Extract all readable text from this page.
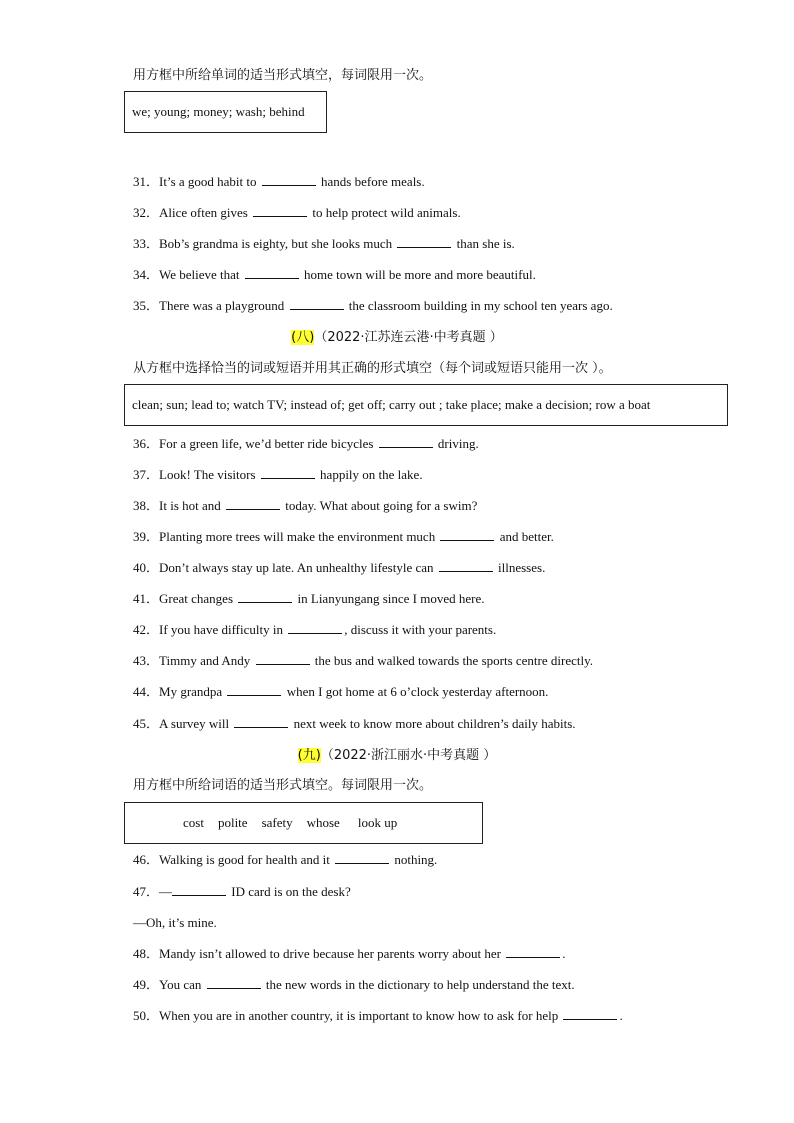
用方框中所给单词的适当形式填空，每词限用一次。
we; young; money; wash; behind
31．It’s a good habit to	hands before meals.
32．Alice often gives	to help protect wild animals.
33．Bob’s grandma is eighty, but she looks much	than she is.
34．We believe that	home town will be more and more beautiful.
35．There was a playground	the classroom building in my school ten years ago.
(八)（2022·江苏连云港·中考真题 ）
从方框中选择恰当的词或短语并用其正确的形式填空（每个词或短语只能用一次 ）。
clean; sun; lead to; watch TV; instead of; get off; carry out ; take place; make a decision; row a boat
36．For a green life, we’d better ride bicycles	driving.
37．Look! The visitors	happily on the lake.
38．It is hot and	today. What about going for a swim?
39．Planting more trees will make the environment much	and better.
40．Don’t always stay up late. An unhealthy lifestyle can	illnesses.
41．Great changes	in Lianyungang since I moved here.
42．If you have difficulty in	, discuss it with your parents.
43．Timmy and Andy	the bus and walked towards the sports centre directly.
44．My grandpa	when I got home at 6 o’clock yesterday afternoon.
45．A survey will	next week to know more about children’s daily habits.
(九)（2022·浙江丽水·中考真题 ）
用方框中所给词语的适当形式填空。每词限用一次。
cost polite safety whose look up
46．Walking is good for health and it	nothing.
47．—	ID card is on the desk?
—Oh, it’s mine.
48．Mandy isn’t allowed to drive because her parents worry about her	.
49．You can	the new words in the dictionary to help understand the text.
50．When you are in another country, it is important to know how to ask for help	.
